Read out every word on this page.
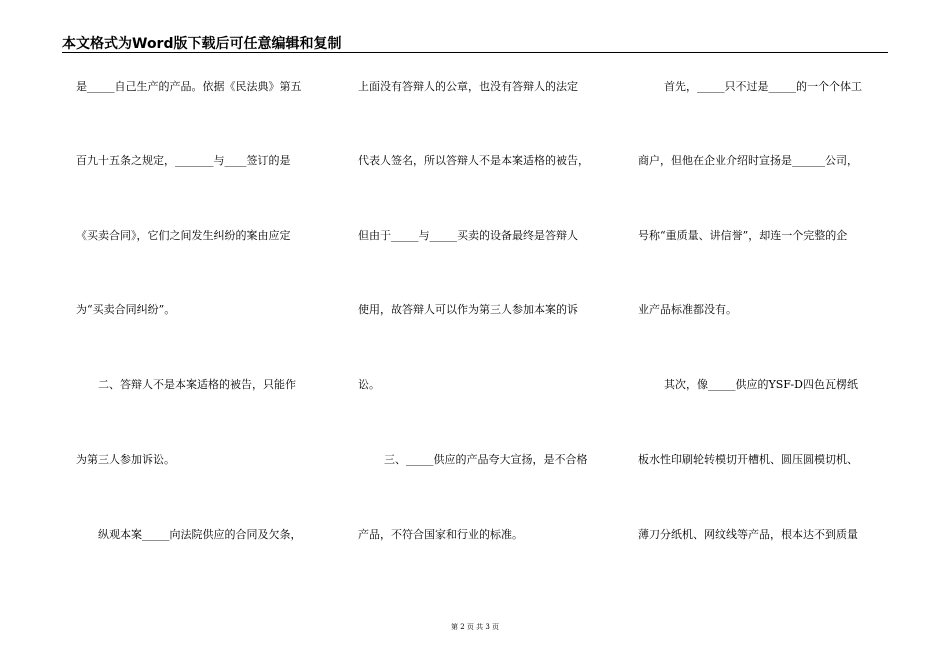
本文格式为Word版下载后可任意编辑和复制
是_____自己生产的产品。依据《民法典》第五
百九十五条之规定，_______与____签订的是
《买卖合同》，它们之间发生纠纷的案由应定
为“买卖合同纠纷”。
二、答辩人不是本案适格的被告，只能作
为第三人参加诉讼。
纵观本案_____向法院供应的合同及欠条，
上面没有答辩人的公章，也没有答辩人的法定
代表人签名，所以答辩人不是本案适格的被告，
但由于_____与_____买卖的设备最终是答辩人
使用，故答辩人可以作为第三人参加本案的诉
讼。
三、_____供应的产品夸大宣扬，是不合格
产品，不符合国家和行业的标准。
首先，_____只不过是_____的一个个体工
商户，但他在企业介绍时宣扬是______公司，
号称“重质量、讲信誉”，却连一个完整的企
业产品标准都没有。
其次，像_____供应的YSF-D四色瓦楞纸
板水性印刷轮转模切开槽机、圆压圆模切机、
薄刀分纸机、网纹线等产品，根本达不到质量
第 2 页 共 3 页
